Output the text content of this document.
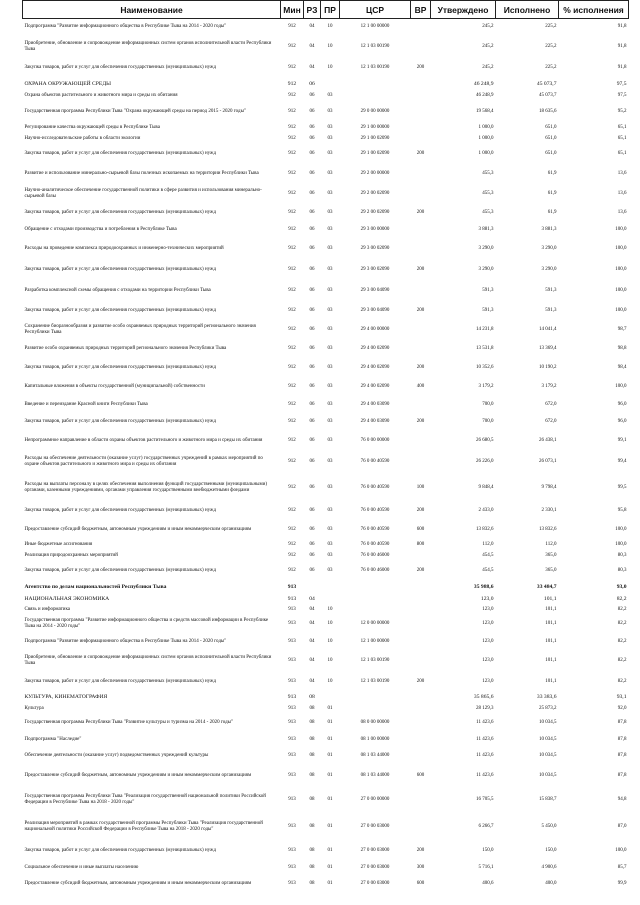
Наименование	Мин	РЗ	ПР	ЦСР	ВР	Утверждено	Исполнено	% исполнения
Подпрограмма "Развитие информационного общества в Республике Тыва на 2014 - 2020 годы"	912	04	10	12 1 00 00000		245,2	225,2	91,8
Приобретение, обновление и сопровождение информационных систем органов исполнительной власти Республики Тыва	912	04	10	12 1 03 00190		245,2	225,2	91,8
Закупка товаров, работ и услуг для обеспечения государственных (муниципальных) нужд	912	04	10	12 1 03 00190	200	245,2	225,2	91,8
ОХРАНА ОКРУЖАЮЩЕЙ СРЕДЫ	912	06				46 248,9	45 073,7	97,5
Охрана объектов растительного и животного мира и среды их обитания	912	06	03			46 248,9	45 073,7	97,5
Государственная программа Республики Тыва "Охрана окружающей среды на период 2015 - 2020 годы"	912	06	03	29 0 00 00000		19 568,4	18 635,6	95,2
Регулирование качества окружающей среды в Республике Тыва	912	06	03	29 1 00 00000		1 000,0	651,0	65,1
Научно-исследовательские работы в области экологии	912	06	03	29 1 00 02090		1 000,0	651,0	65,1
Закупка товаров, работ и услуг для обеспечения государственных (муниципальных) нужд	912	06	03	29 1 00 02090	200	1 000,0	651,0	65,1
Развитие и использование минерально-сырьевой базы полезных ископаемых на территории Республики Тыва	912	06	03	29 2 00 00000		455,3	61,9	13,6
Научно-аналитическое обеспечение государственной политики в сфере развития и использования минерально-сырьевой базы	912	06	03	29 2 00 02090		455,3	61,9	13,6
Закупка товаров, работ и услуг для обеспечения государственных (муниципальных) нужд	912	06	03	29 2 00 02090	200	455,3	61,9	13,6
Обращение с отходами производства и потребления в Республике Тыва	912	06	03	29 3 00 00000		3 881,3	3 881,3	100,0
Расходы на проведение комплекса природоохранных и инженерно-технических мероприятий	912	06	03	29 3 00 02090		3 290,0	3 290,0	100,0
Закупка товаров, работ и услуг для обеспечения государственных (муниципальных) нужд	912	06	03	29 3 00 02090	200	3 290,0	3 290,0	100,0
Разработка комплексной схемы обращения с отходами на территории Республики Тыва	912	06	03	29 3 00 04090		591,3	591,3	100,0
Закупка товаров, работ и услуг для обеспечения государственных (муниципальных) нужд	912	06	03	29 3 00 04090	200	591,3	591,3	100,0
Сохранение биоразнообразия и развитие особо охраняемых природных территорий регионального значения Республики Тыва	912	06	03	29 4 00 00000		14 231,8	14 041,4	98,7
Развитие особо охраняемых природных территорий регионального значения Республики Тыва	912	06	03	29 4 00 02090		13 531,8	13 369,4	98,8
Закупка товаров, работ и услуг для обеспечения государственных (муниципальных) нужд	912	06	03	29 4 00 02090	200	10 352,6	10 190,2	98,4
Капитальные вложения в объекты государственной (муниципальной) собственности	912	06	03	29 4 00 02090	400	3 179,2	3 179,2	100,0
Введение и переиздание Красной книги Республики Тыва	912	06	03	29 4 00 03090		700,0	672,0	96,0
Закупка товаров, работ и услуг для обеспечения государственных (муниципальных) нужд	912	06	03	29 4 00 03090	200	700,0	672,0	96,0
Непрограммное направление в области охраны объектов растительного и животного мира и среды их обитания	912	06	03	76 0 00 00000		26 680,5	26 438,1	99,1
Расходы на обеспечение деятельности (оказание услуг) государственных учреждений в рамках мероприятий по охране объектов растительного и животного мира и среды их обитания	912	06	03	76 0 00 40590		26 226,0	26 073,1	99,4
Расходы на выплаты персоналу в целях обеспечения выполнения функций государственными (муниципальными) органами, казенными учреждениями, органами управления государственными внебюджетными фондами	912	06	03	76 0 00 40590	100	9 848,4	9 798,4	99,5
Закупка товаров, работ и услуг для обеспечения государственных (муниципальных) нужд	912	06	03	76 0 00 40590	200	2 433,0	2 330,1	95,8
Предоставление субсидий бюджетным, автономным учреждениям и иным некоммерческим организациям	912	06	03	76 0 00 40590	600	13 832,6	13 832,6	100,0
Иные бюджетные ассигнования	912	06	03	76 0 00 40590	800	112,0	112,0	100,0
Реализация природоохранных мероприятий	912	06	03	76 0 00 46000		454,5	365,0	80,3
Закупка товаров, работ и услуг для обеспечения государственных (муниципальных) нужд	912	06	03	76 0 00 46000	200	454,5	365,0	80,3
Агентство по делам национальностей Республики Тыва	913					35 988,6	33 484,7	93,0
НАЦИОНАЛЬНАЯ ЭКОНОМИКА	913	04				123,0	101,1	82,2
Связь и информатика	913	04	10			123,0	101,1	82,2
Государственная программа "Развитие информационного общества и средств массовой информации в Республике Тыва на 2014 - 2020 годы"	913	04	10	12 0 00 00000		123,0	101,1	82,2
Подпрограмма "Развитие информационного общества в Республике Тыва на 2014 - 2020 годы"	913	04	10	12 1 00 00000		123,0	101,1	82,2
Приобретение, обновление и сопровождение информационных систем органов исполнительной власти Республики Тыва	913	04	10	12 1 03 00190		123,0	101,1	82,2
Закупка товаров, работ и услуг для обеспечения государственных (муниципальных) нужд	913	04	10	12 1 03 00190	200	123,0	101,1	82,2
КУЛЬТУРА, КИНЕМАТОГРАФИЯ	913	08				35 865,6	33 383,6	93,1
Культура	913	08	01			28 129,3	25 873,2	92,0
Государственная программа Республики Тыва "Развитие культуры и туризма на 2014 - 2020 годы"	913	08	01	08 0 00 00000		11 423,6	10 034,5	87,8
Подпрограмма "Наследие"	913	08	01	08 1 00 00000		11 423,6	10 034,5	87,8
Обеспечение деятельности (оказание услуг) подведомственных учреждений культуры	913	08	01	08 1 03 44000		11 423,6	10 034,5	87,8
Предоставление субсидий бюджетным, автономным учреждениям и иным некоммерческим организациям	913	08	01	08 1 03 44000	600	11 423,6	10 034,5	87,8
Государственная программа Республики Тыва "Реализация государственной национальной политики Российской Федерации в Республике Тыва на 2018 - 2020 годы"	913	08	01	27 0 00 00000		16 705,5	15 838,7	94,8
Реализация мероприятий в рамках государственной программы Республики Тыва "Реализация государственной национальной политики Российской Федерации в Республике Тыва на 2018 - 2020 годы"	913	08	01	27 0 00 03000		6 266,7	5 450,0	87,0
Закупка товаров, работ и услуг для обеспечения государственных (муниципальных) нужд	913	08	01	27 0 00 03000	200	150,0	150,0	100,0
Социальное обеспечение и иные выплаты населению	913	08	01	27 0 00 03000	300	5 716,1	4 900,6	85,7
Предоставление субсидий бюджетным, автономным учреждениям и иным некоммерческим организациям	913	08	01	27 0 00 03000	600	400,6	400,0	99,9
